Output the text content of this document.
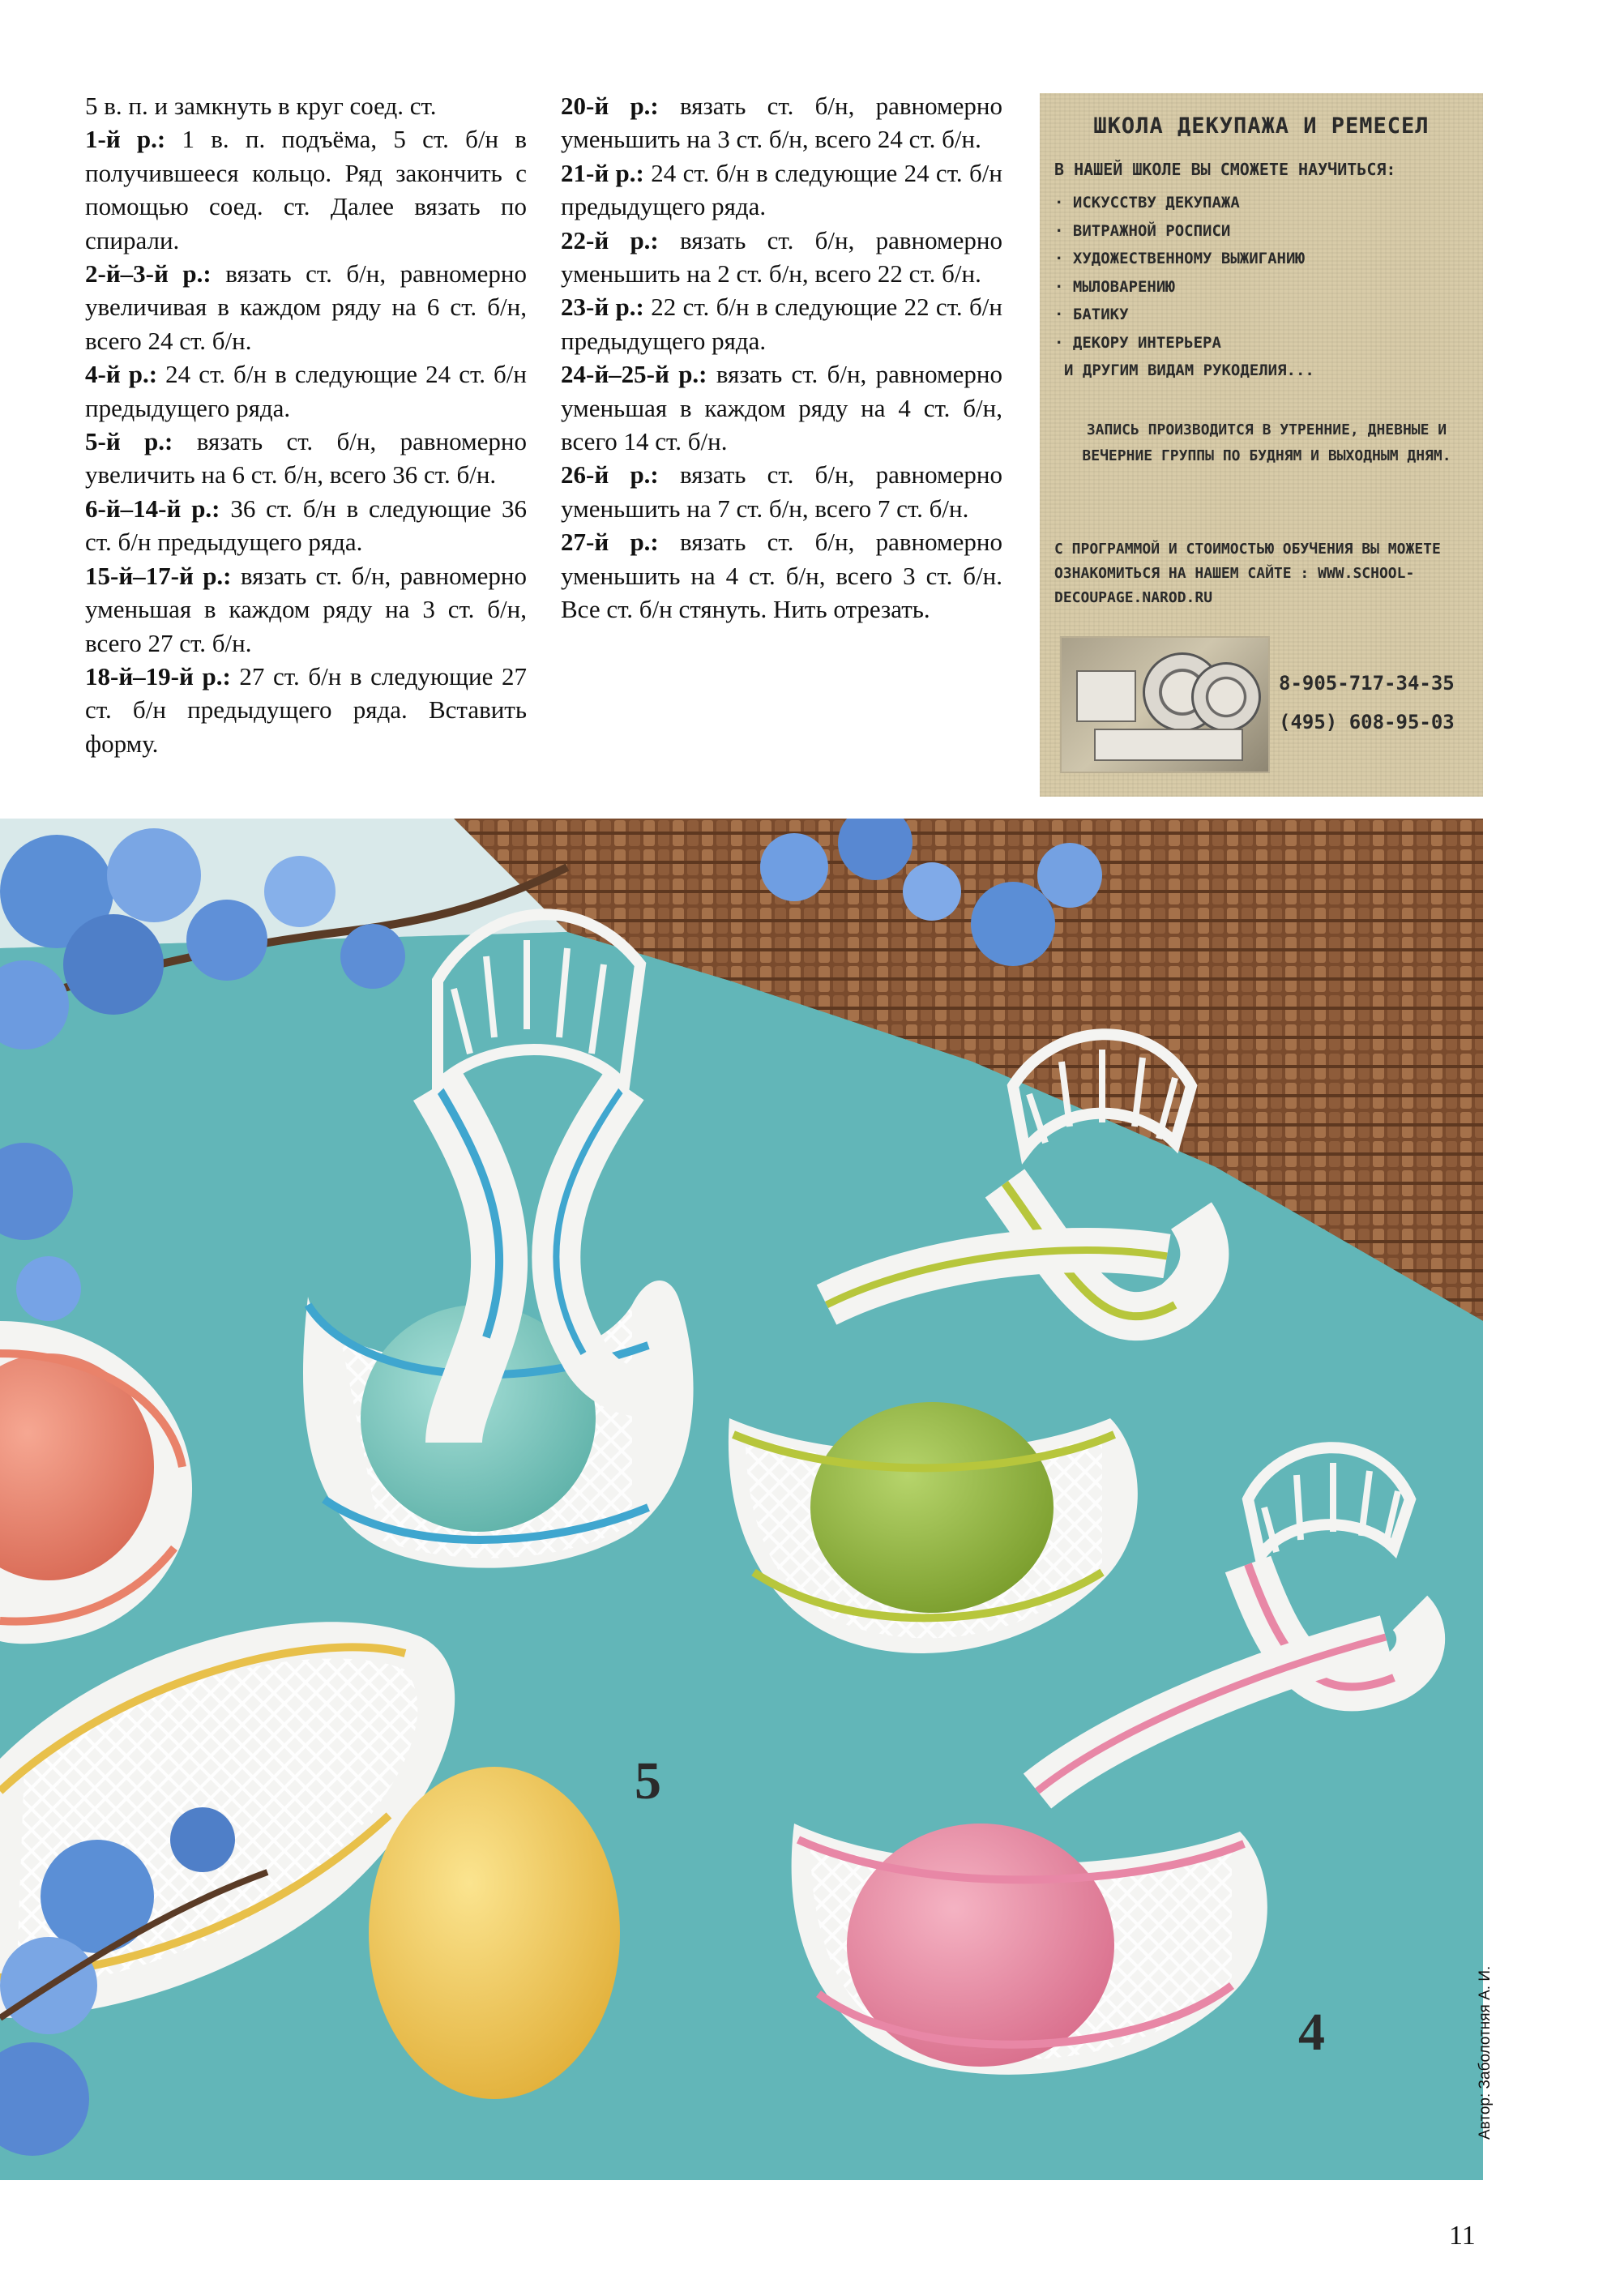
5 в. п. и замкнуть в круг соед. ст.

1-й р.: 1 в. п. подъёма, 5 ст. б/н в получившееся кольцо. Ряд закончить с помощью соед. ст. Далее вязать по спирали.

2-й–3-й р.: вязать ст. б/н, равномерно увеличивая в каждом ряду на 6 ст. б/н, всего 24 ст. б/н.

4-й р.: 24 ст. б/н в следующие 24 ст. б/н предыдущего ряда.

5-й р.: вязать ст. б/н, равномерно увеличить на 6 ст. б/н, всего 36 ст. б/н.

6-й–14-й р.: 36 ст. б/н в следующие 36 ст. б/н предыдущего ряда.

15-й–17-й р.: вязать ст. б/н, равномерно уменьшая в каждом ряду на 3 ст. б/н, всего 27 ст. б/н.

18-й–19-й р.: 27 ст. б/н в следующие 27 ст. б/н предыдущего ряда. Вставить форму.

20-й р.: вязать ст. б/н, равномерно уменьшить на 3 ст. б/н, всего 24 ст. б/н.

21-й р.: 24 ст. б/н в следующие 24 ст. б/н предыдущего ряда.

22-й р.: вязать ст. б/н, равномерно уменьшить на 2 ст. б/н, всего 22 ст. б/н.

23-й р.: 22 ст. б/н в следующие 22 ст. б/н предыдущего ряда.

24-й–25-й р.: вязать ст. б/н, равномерно уменьшая в каждом ряду на 4 ст. б/н, всего 14 ст. б/н.

26-й р.: вязать ст. б/н, равномерно уменьшить на 7 ст. б/н, всего 7 ст. б/н.

27-й р.: вязать ст. б/н, равномерно уменьшить на 4 ст. б/н, всего 3 ст. б/н. Все ст. б/н стянуть. Нить отрезать.

ШКОЛА ДЕКУПАЖА И РЕМЕСЕЛ
В НАШЕЙ ШКОЛЕ ВЫ СМОЖЕТЕ НАУЧИТЬСЯ:
· ИСКУССТВУ ДЕКУПАЖА
· ВИТРАЖНОЙ РОСПИСИ
· ХУДОЖЕСТВЕННОМУ ВЫЖИГАНИЮ
· МЫЛОВАРЕНИЮ
· БАТИКУ
· ДЕКОРУ ИНТЕРЬЕРА
И ДРУГИМ ВИДАМ РУКОДЕЛИЯ...
ЗАПИСЬ ПРОИЗВОДИТСЯ В УТРЕННИЕ, ДНЕВНЫЕ И ВЕЧЕРНИЕ ГРУППЫ ПО БУДНЯМ И ВЫХОДНЫМ ДНЯМ.
С ПРОГРАММОЙ И СТОИМОСТЬЮ ОБУЧЕНИЯ ВЫ МОЖЕТЕ ОЗНАКОМИТЬСЯ НА НАШЕМ САЙТЕ : WWW.SCHOOL-DECOUPAGE.NAROD.RU
8-905-717-34-35
(495) 608-95-03
5
4	Автор: Заболотняя А. И.
11
